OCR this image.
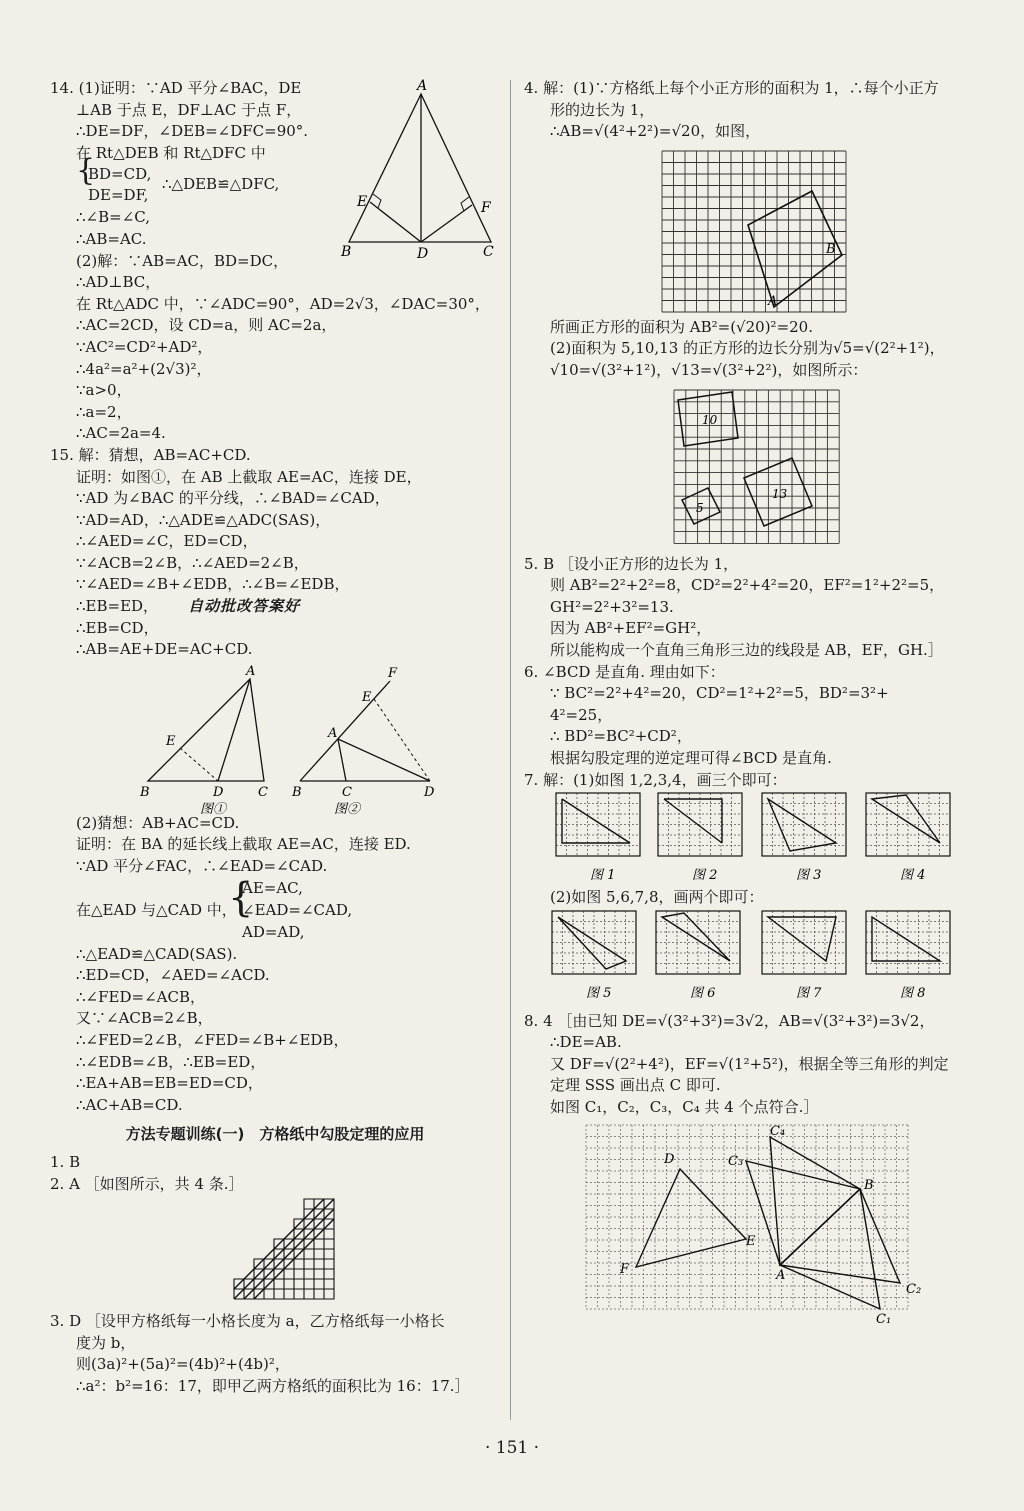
A
E	F
B	D	C
14. (1)证明：∵AD 平分∠BAC，DE
⊥AB 于点 E，DF⊥AC 于点 F，
∴DE=DF，∠DEB=∠DFC=90°.
在 Rt△DEB 和 Rt△DFC 中
{
BD=CD,
DE=DF,
∴△DEB≌△DFC,
∴∠B=∠C,
∴AB=AC.
(2)解：∵AB=AC，BD=DC，
∴AD⊥BC，
在 Rt△ADC 中，∵∠ADC=90°，AD=2√3，∠DAC=30°，
∴AC=2CD，设 CD=a，则 AC=2a，
∵AC²=CD²+AD²，
∴4a²=a²+(2√3)²，
∵a>0，
∴a=2，
∴AC=2a=4.
15. 解：猜想，AB=AC+CD.
证明：如图①，在 AB 上截取 AE=AC，连接 DE，
∵AD 为∠BAC 的平分线，∴∠BAD=∠CAD，
∵AD=AD，∴△ADE≌△ADC(SAS)，
∴∠AED=∠C，ED=CD，
∵∠ACB=2∠B，∴∠AED=2∠B，
∵∠AED=∠B+∠EDB，∴∠B=∠EDB，
∴EB=ED， 自动批改答案好
∴EB=CD，
∴AB=AE+DE=AC+CD.
A
E
B	D	C
图①
F
E
A
B	C	D
图②
(2)猜想：AB+AC=CD.
证明：在 BA 的延长线上截取 AE=AC，连接 ED.
∵AD 平分∠FAC，∴∠EAD=∠CAD.
在△EAD 与△CAD 中，
{
AE=AC,
∠EAD=∠CAD,
AD=AD,
∴△EAD≌△CAD(SAS).
∴ED=CD，∠AED=∠ACD.
∴∠FED=∠ACB，
又∵∠ACB=2∠B，
∴∠FED=2∠B，∠FED=∠B+∠EDB，
∴∠EDB=∠B，∴EB=ED，
∴EA+AB=EB=ED=CD，
∴AC+AB=CD.
方法专题训练(一)　方格纸中勾股定理的应用
1. B
2. A ［如图所示，共 4 条.］
3. D ［设甲方格纸每一小格长度为 a，乙方格纸每一小格长
度为 b，
则(3a)²+(5a)²=(4b)²+(4b)²，
∴a²：b²=16：17，即甲乙两方格纸的面积比为 16：17.］
4. 解：(1)∵方格纸上每个小正方形的面积为 1，∴每个小正方
形的边长为 1，
∴AB=√(4²+2²)=√20，如图，
A
B
所画正方形的面积为 AB²=(√20)²=20.
(2)面积为 5,10,13 的正方形的边长分别为√5=√(2²+1²)，
√10=√(3²+1²)，√13=√(3²+2²)，如图所示：
10
5
13
5. B ［设小正方形的边长为 1，
则 AB²=2²+2²=8，CD²=2²+4²=20，EF²=1²+2²=5，
GH²=2²+3²=13.
因为 AB²+EF²=GH²，
所以能构成一个直角三角形三边的线段是 AB，EF，GH.］
6. ∠BCD 是直角. 理由如下：
∵ BC²=2²+4²=20，CD²=1²+2²=5，BD²=3²+
4²=25，
∴ BD²=BC²+CD²，
根据勾股定理的逆定理可得∠BCD 是直角.
7. 解：(1)如图 1,2,3,4，画三个即可：
图 1	图 2	图 3	图 4
(2)如图 5,6,7,8，画两个即可：
图 5	图 6	图 7	图 8
8. 4 ［由已知 DE=√(3²+3²)=3√2，AB=√(3²+3²)=3√2，
∴DE=AB.
又 DF=√(2²+4²)，EF=√(1²+5²)，根据全等三角形的判定
定理 SSS 画出点 C 即可.
如图 C₁，C₂，C₃，C₄ 共 4 个点符合.］
D
E
F	A
B
C₃
C₄
C₂
C₁
· 151 ·
